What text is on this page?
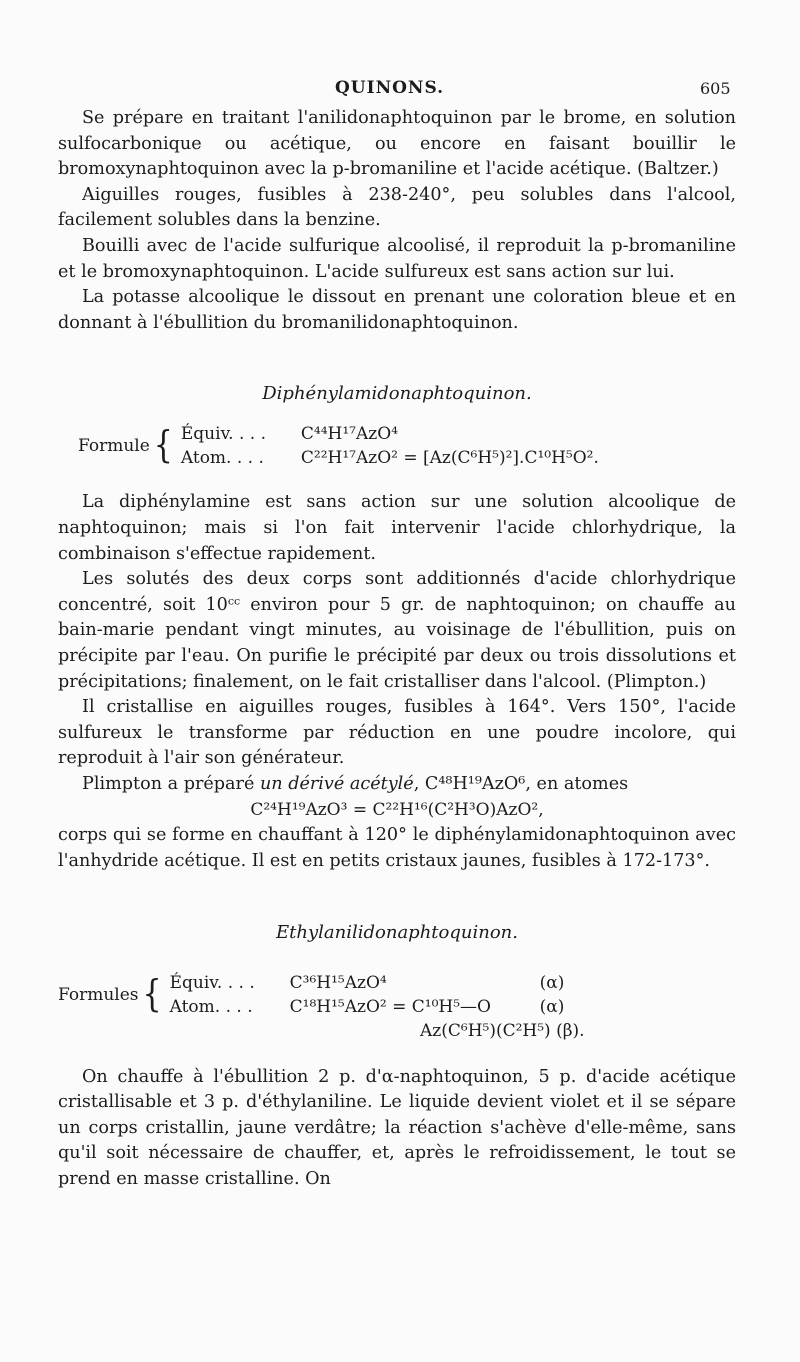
QUINONS.	605

Se prépare en traitant l'anilidonaphtoquinon par le brome, en solution sulfocarbonique ou acétique, ou encore en faisant bouillir le bromoxynaphtoquinon avec la p-bromaniline et l'acide acétique. (Baltzer.)

Aiguilles rouges, fusibles à 238-240°, peu solubles dans l'alcool, facilement solubles dans la benzine.

Bouilli avec de l'acide sulfurique alcoolisé, il reproduit la p-bromaniline et le bromoxynaphtoquinon. L'acide sulfureux est sans action sur lui.

La potasse alcoolique le dissout en prenant une coloration bleue et en donnant à l'ébullition du bromanilidonaphtoquinon.

Diphénylamidonaphtoquinon.
Formule { Équiv. . . .	C⁴⁴H¹⁷AzO⁴
Atom. . . .	C²²H¹⁷AzO² = [Az(C⁶H⁵)²].C¹⁰H⁵O².

La diphénylamine est sans action sur une solution alcoolique de naphtoquinon; mais si l'on fait intervenir l'acide chlorhydrique, la combinaison s'effectue rapidement.

Les solutés des deux corps sont additionnés d'acide chlorhydrique concentré, soit 10ᶜᶜ environ pour 5 gr. de naphtoquinon; on chauffe au bain-marie pendant vingt minutes, au voisinage de l'ébullition, puis on précipite par l'eau. On purifie le précipité par deux ou trois dissolutions et précipitations; finalement, on le fait cristalliser dans l'alcool. (Plimpton.)

Il cristallise en aiguilles rouges, fusibles à 164°. Vers 150°, l'acide sulfureux le transforme par réduction en une poudre incolore, qui reproduit à l'air son générateur.

Plimpton a préparé un dérivé acétylé, C⁴⁸H¹⁹AzO⁶, en atomes

C²⁴H¹⁹AzO³ = C²²H¹⁶(C²H³O)AzO²,

corps qui se forme en chauffant à 120° le diphénylamidonaphtoquinon avec l'anhydride acétique. Il est en petits cristaux jaunes, fusibles à 172-173°.

Ethylanilidonaphtoquinon.
Formules { Équiv. . . .	C³⁶H¹⁵AzO⁴	(α)
Atom. . . .	C¹⁸H¹⁵AzO² = C¹⁰H⁵—O	(α)
Az(C⁶H⁵)(C²H⁵) (β).

On chauffe à l'ébullition 2 p. d'α-naphtoquinon, 5 p. d'acide acétique cristallisable et 3 p. d'éthylaniline. Le liquide devient violet et il se sépare un corps cristallin, jaune verdâtre; la réaction s'achève d'elle-même, sans qu'il soit nécessaire de chauffer, et, après le refroidissement, le tout se prend en masse cristalline. On
